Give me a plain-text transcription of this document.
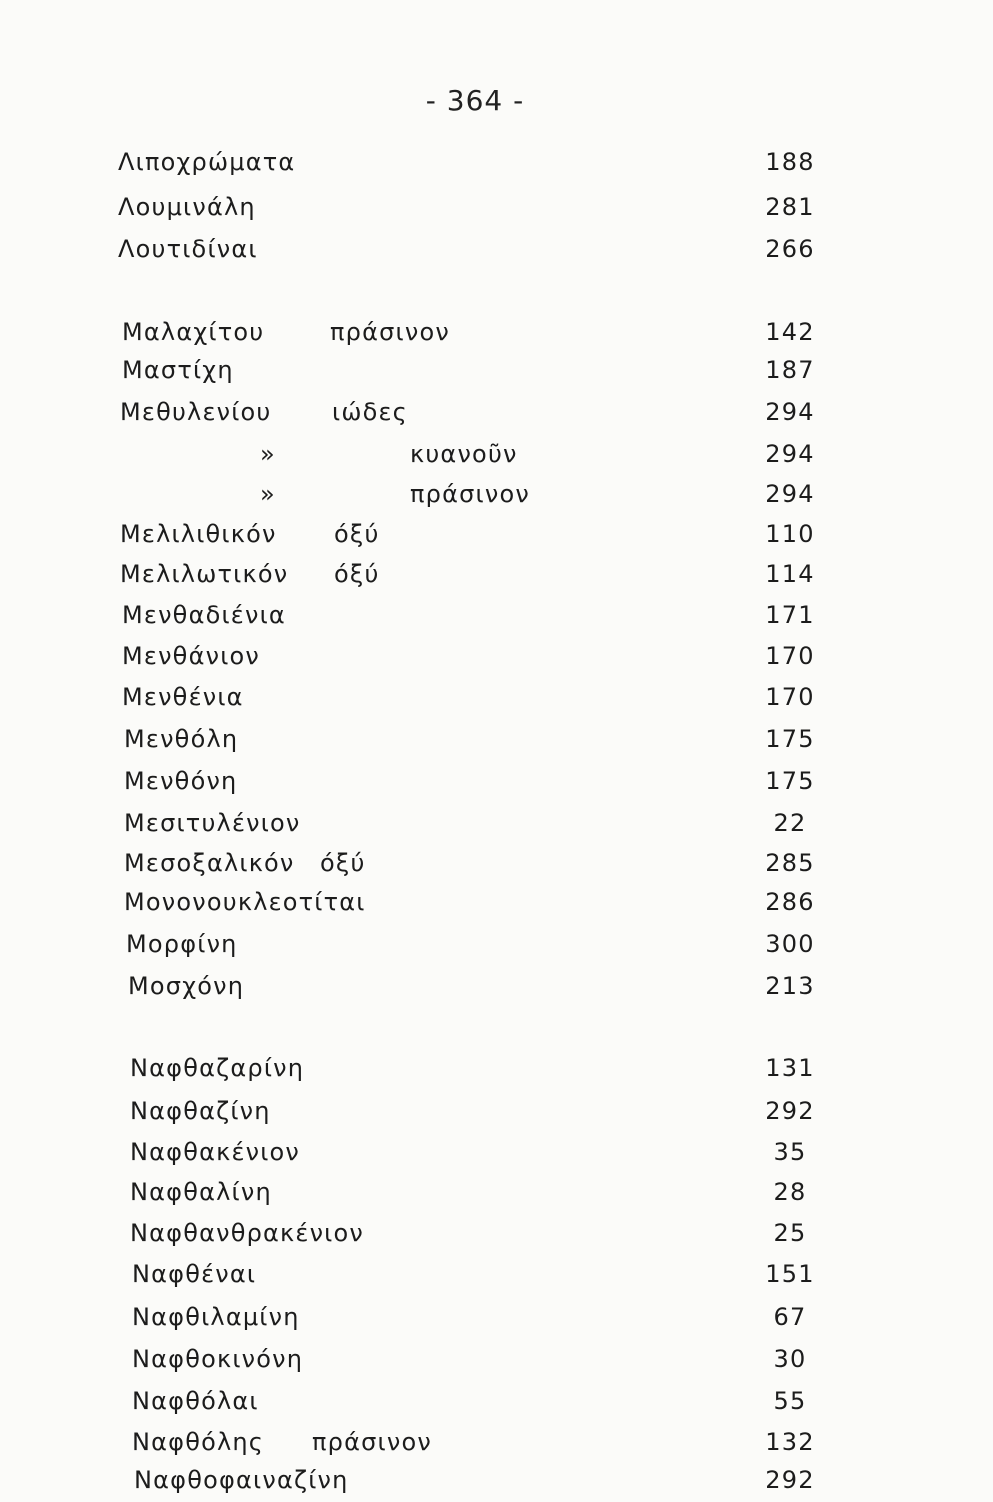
- 364 -
Λιποχρώματα	188
Λουμινάλη	281
Λουτιδίναι	266
Μαλαχίτου	πράσινον	142
Μαστίχη	187
Μεθυλενίου	ιώδες	294
»	κυανοῦν	294
»	πράσινον	294
Μελιλιθικόν όξύ	110
Μελιλωτικόν όξύ	114
Μενθαδιένια	171
Μενθάνιον	170
Μενθένια	170
Μενθόλη	175
Μενθόνη	175
Μεσιτυλένιον	22
Μεσοξαλικόν όξύ	285
Μονονουκλεοτίται	286
Μορφίνη	300
Μοσχόνη	213
Ναφθαζαρίνη	131
Ναφθαζίνη	292
Ναφθακένιον	35
Ναφθαλίνη	28
Ναφθανθρακένιον	25
Ναφθέναι	151
Ναφθιλαμίνη	67
Ναφθοκινόνη	30
Ναφθόλαι	55
Ναφθόλης πράσινον	132
Ναφθοφαιναζίνη	292
